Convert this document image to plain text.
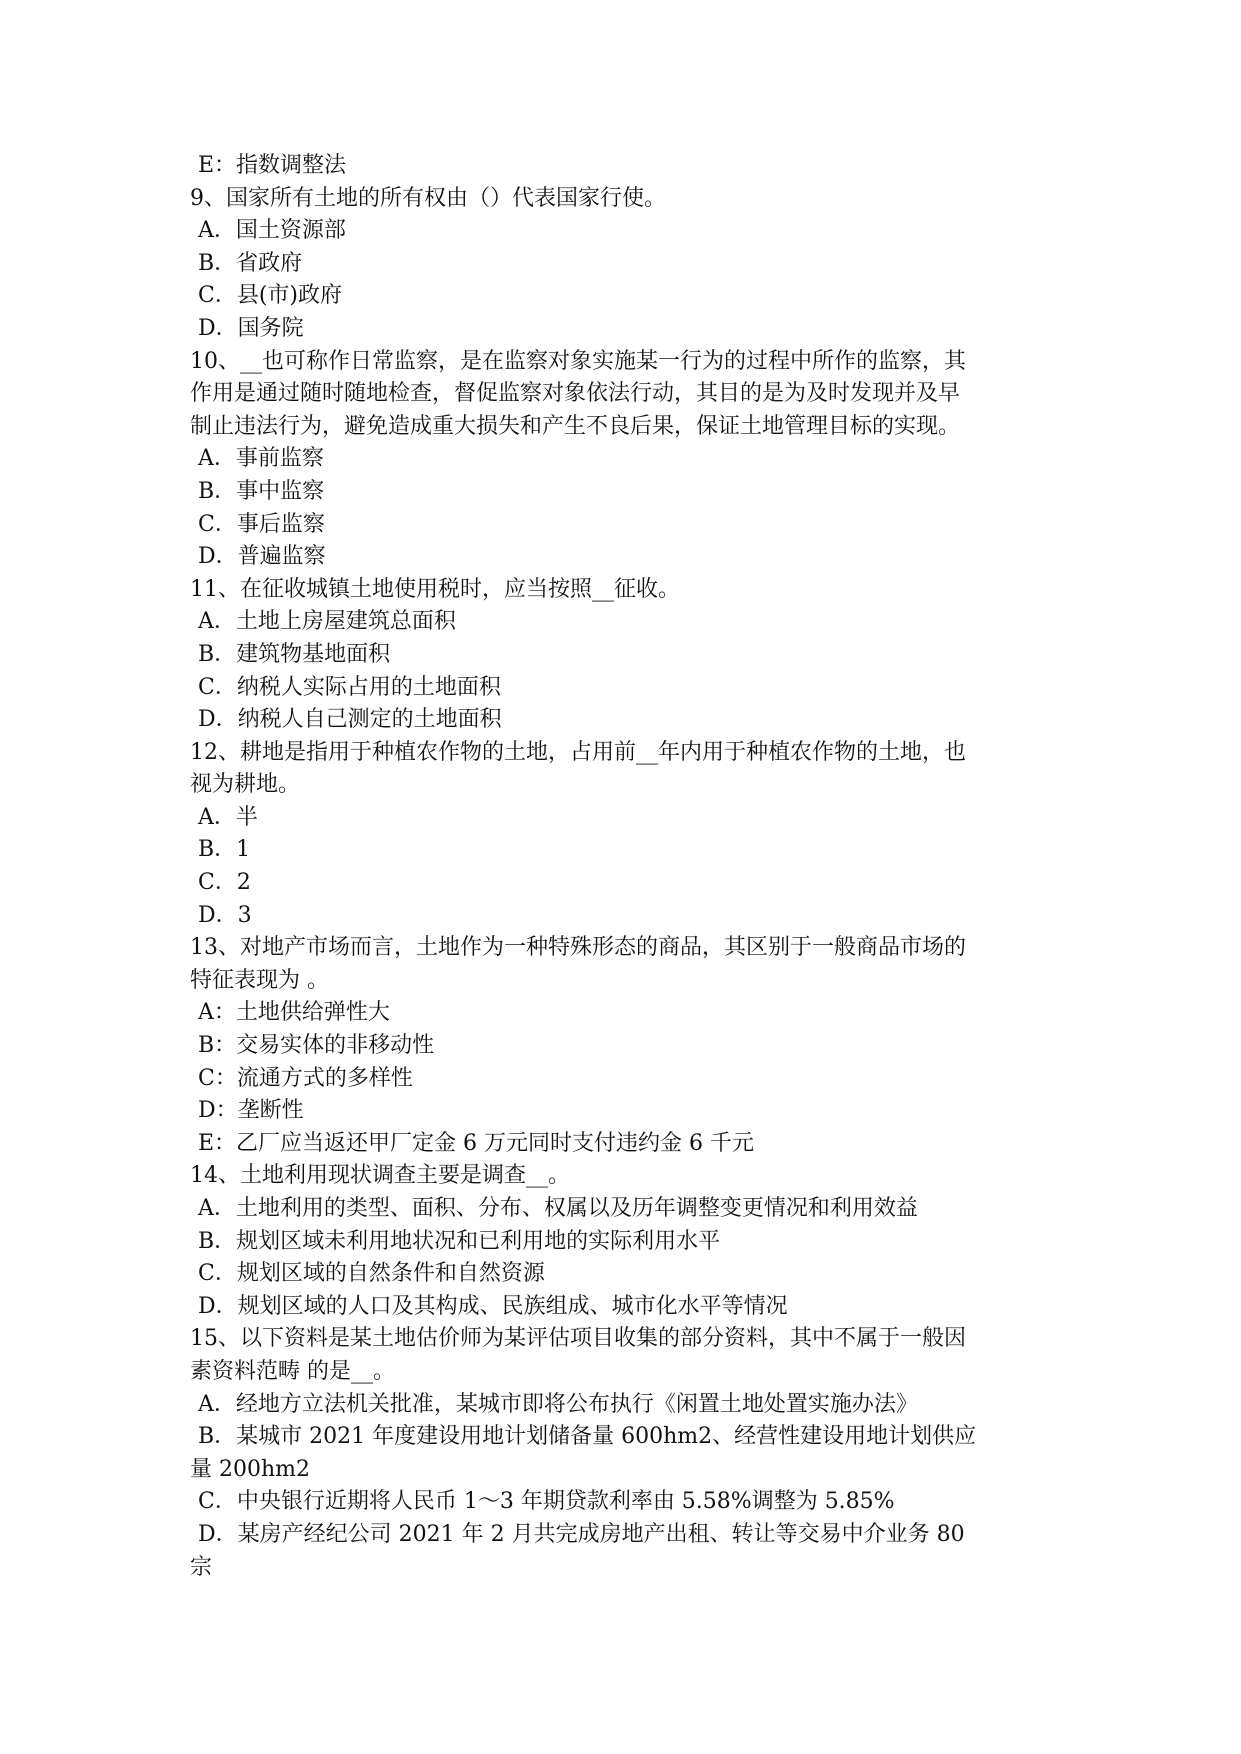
E：指数调整法
9、国家所有土地的所有权由（）代表国家行使。
A．国土资源部
B．省政府
C．县(市)政府
D．国务院
10、__也可称作日常监察，是在监察对象实施某一行为的过程中所作的监察，其
作用是通过随时随地检查，督促监察对象依法行动，其目的是为及时发现并及早
制止违法行为，避免造成重大损失和产生不良后果，保证土地管理目标的实现。
A．事前监察
B．事中监察
C．事后监察
D．普遍监察
11、在征收城镇土地使用税时，应当按照__征收。
A．土地上房屋建筑总面积
B．建筑物基地面积
C．纳税人实际占用的土地面积
D．纳税人自己测定的土地面积
12、耕地是指用于种植农作物的土地，占用前__年内用于种植农作物的土地，也
视为耕地。
A．半
B．1
C．2
D．3
13、对地产市场而言，土地作为一种特殊形态的商品，其区别于一般商品市场的
特征表现为 。
A：土地供给弹性大
B：交易实体的非移动性
C：流通方式的多样性
D：垄断性
E：乙厂应当返还甲厂定金 6 万元同时支付违约金 6 千元
14、土地利用现状调查主要是调查__。
A．土地利用的类型、面积、分布、权属以及历年调整变更情况和利用效益
B．规划区域未利用地状况和已利用地的实际利用水平
C．规划区域的自然条件和自然资源
D．规划区域的人口及其构成、民族组成、城市化水平等情况
15、以下资料是某土地估价师为某评估项目收集的部分资料，其中不属于一般因
素资料范畴 的是__。
A．经地方立法机关批准，某城市即将公布执行《闲置土地处置实施办法》
B．某城市 2021 年度建设用地计划储备量 600hm2、经营性建设用地计划供应
量 200hm2
C．中央银行近期将人民币 1～3 年期贷款利率由 5.58%调整为 5.85%
D．某房产经纪公司 2021 年 2 月共完成房地产出租、转让等交易中介业务 80
宗
